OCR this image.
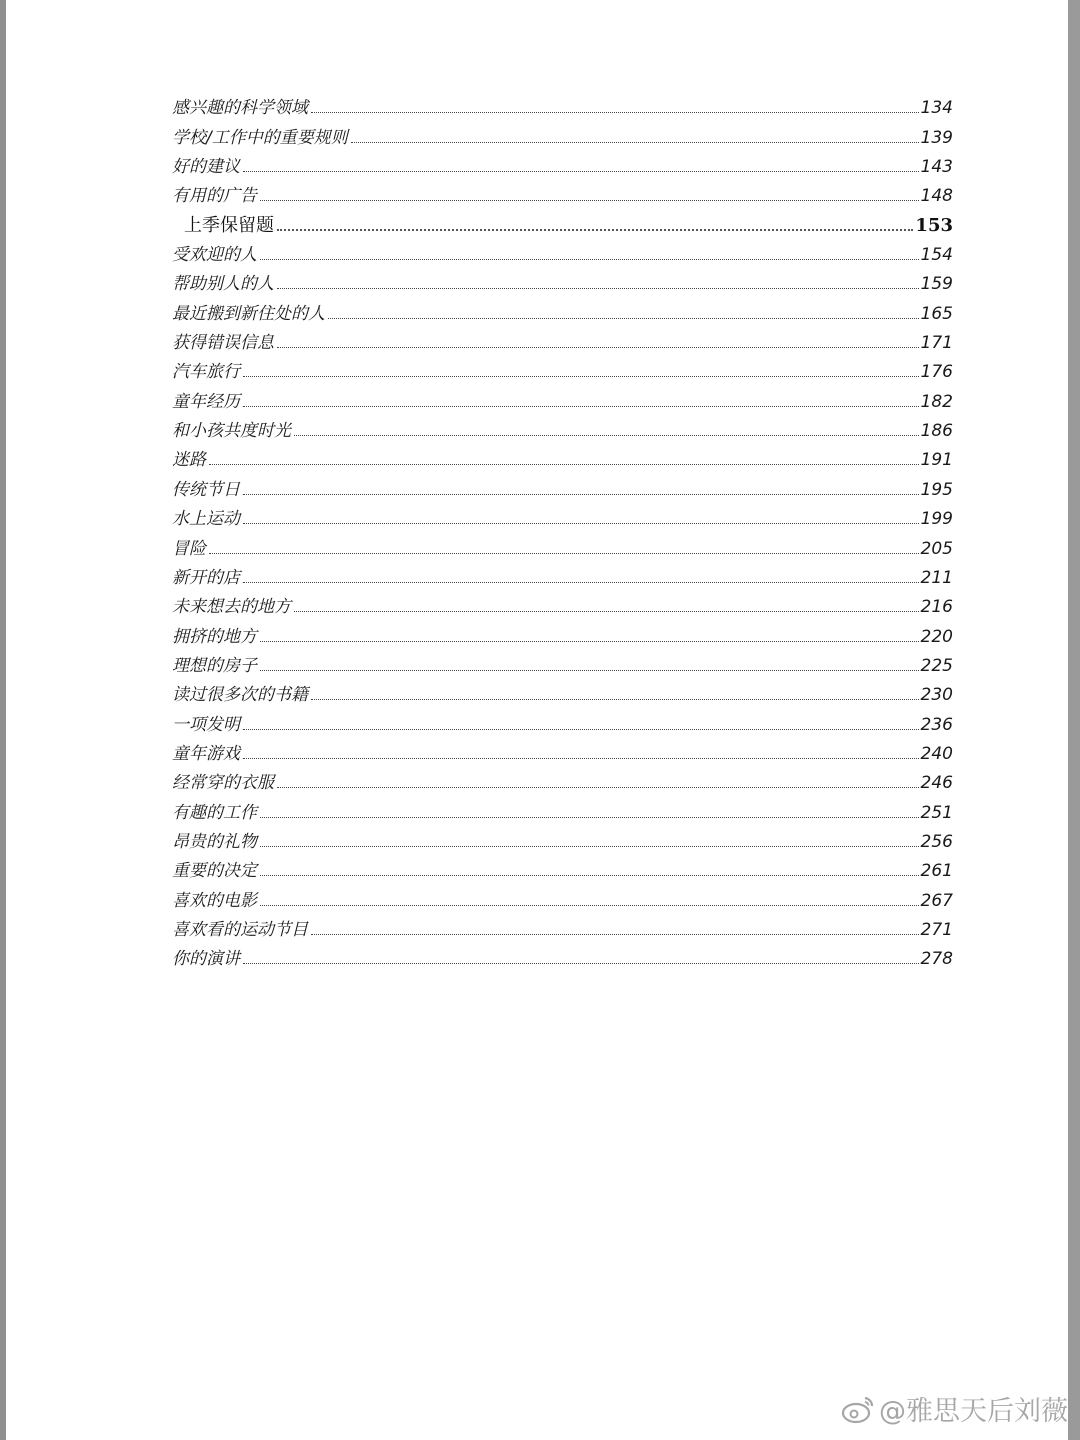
感兴趣的科学领域	134
学校/工作中的重要规则	139
好的建议	143
有用的广告	148
上季保留题	153
受欢迎的人	154
帮助别人的人	159
最近搬到新住处的人	165
获得错误信息	171
汽车旅行	176
童年经历	182
和小孩共度时光	186
迷路	191
传统节日	195
水上运动	199
冒险	205
新开的店	211
未来想去的地方	216
拥挤的地方	220
理想的房子	225
读过很多次的书籍	230
一项发明	236
童年游戏	240
经常穿的衣服	246
有趣的工作	251
昂贵的礼物	256
重要的决定	261
喜欢的电影	267
喜欢看的运动节目	271
你的演讲	278
@雅思天后刘薇
